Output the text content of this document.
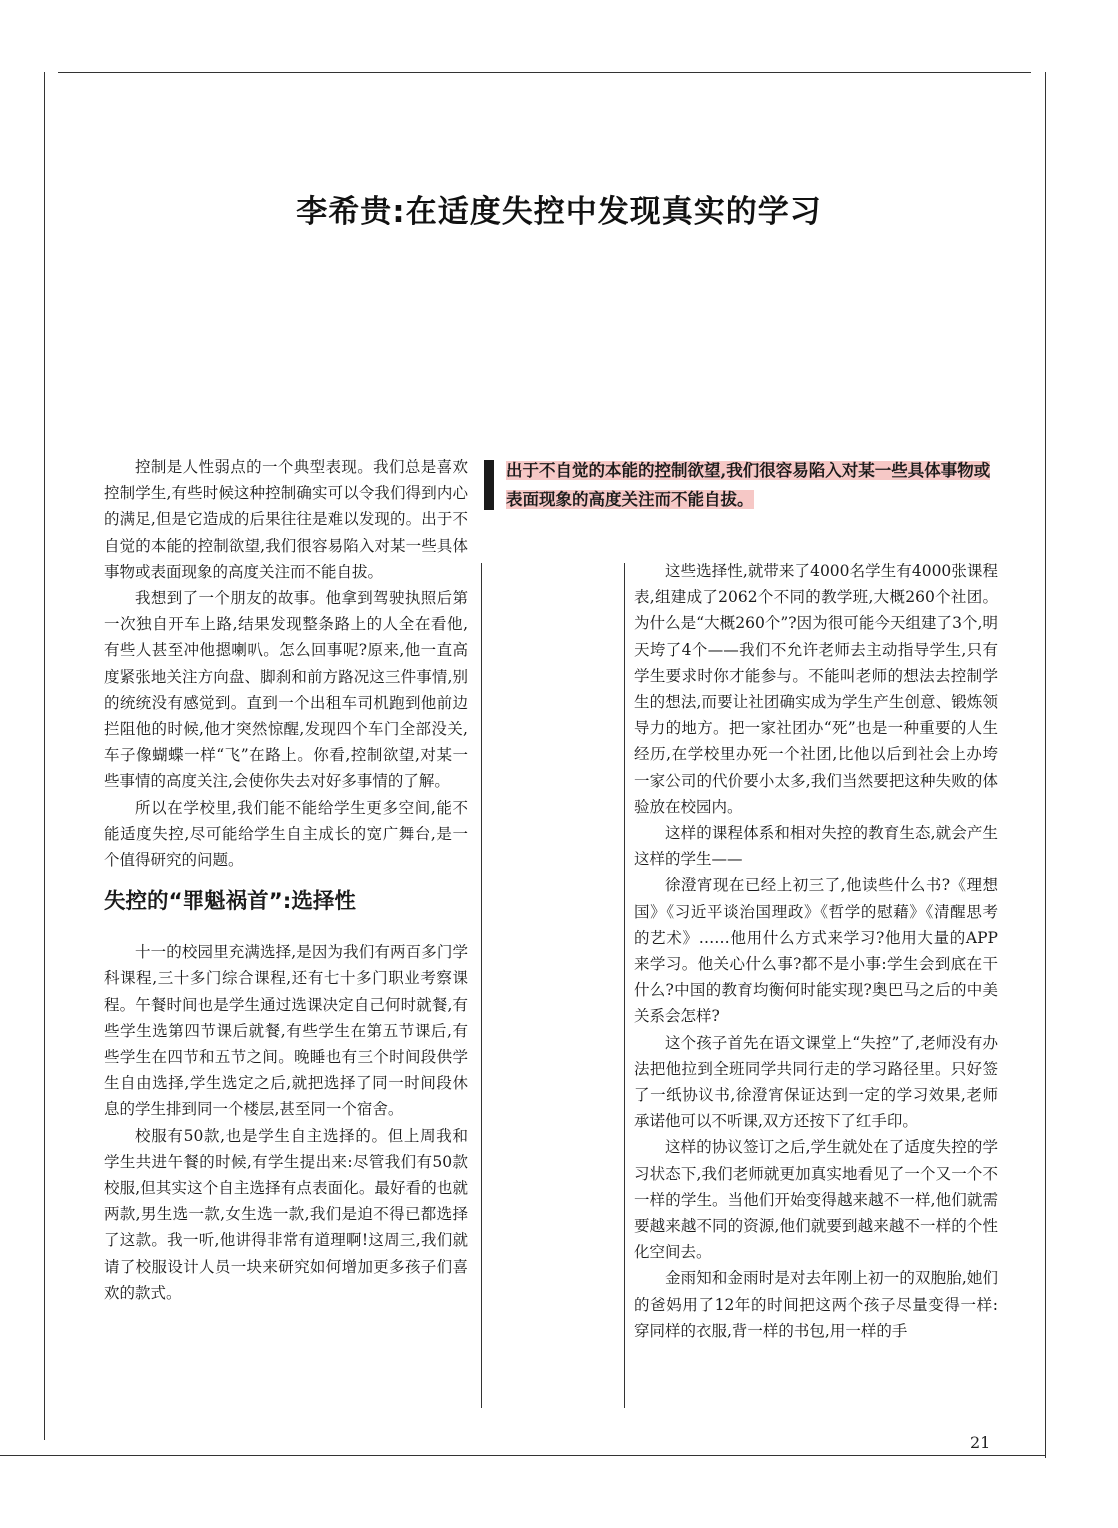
李希贵:在适度失控中发现真实的学习
出于不自觉的本能的控制欲望,我们很容易陷入对某一些具体事物或表面现象的高度关注而不能自拔。

控制是人性弱点的一个典型表现。我们总是喜欢控制学生,有些时候这种控制确实可以令我们得到内心的满足,但是它造成的后果往往是难以发现的。出于不自觉的本能的控制欲望,我们很容易陷入对某一些具体事物或表面现象的高度关注而不能自拔。

我想到了一个朋友的故事。他拿到驾驶执照后第一次独自开车上路,结果发现整条路上的人全在看他,有些人甚至冲他摁喇叭。怎么回事呢?原来,他一直高度紧张地关注方向盘、脚刹和前方路况这三件事情,别的统统没有感觉到。直到一个出租车司机跑到他前边拦阻他的时候,他才突然惊醒,发现四个车门全部没关,车子像蝴蝶一样“飞”在路上。你看,控制欲望,对某一些事情的高度关注,会使你失去对好多事情的了解。

所以在学校里,我们能不能给学生更多空间,能不能适度失控,尽可能给学生自主成长的宽广舞台,是一个值得研究的问题。

失控的“罪魁祸首”:选择性

十一的校园里充满选择,是因为我们有两百多门学科课程,三十多门综合课程,还有七十多门职业考察课程。午餐时间也是学生通过选课决定自己何时就餐,有些学生选第四节课后就餐,有些学生在第五节课后,有些学生在四节和五节之间。晚睡也有三个时间段供学生自由选择,学生选定之后,就把选择了同一时间段休息的学生排到同一个楼层,甚至同一个宿舍。

校服有50款,也是学生自主选择的。但上周我和学生共进午餐的时候,有学生提出来:尽管我们有50款校服,但其实这个自主选择有点表面化。最好看的也就两款,男生选一款,女生选一款,我们是迫不得已都选择了这款。我一听,他讲得非常有道理啊!这周三,我们就请了校服设计人员一块来研究如何增加更多孩子们喜欢的款式。

这些选择性,就带来了4000名学生有4000张课程表,组建成了2062个不同的教学班,大概260个社团。为什么是“大概260个”?因为很可能今天组建了3个,明天垮了4个——我们不允许老师去主动指导学生,只有学生要求时你才能参与。不能叫老师的想法去控制学生的想法,而要让社团确实成为学生产生创意、锻炼领导力的地方。把一家社团办“死”也是一种重要的人生经历,在学校里办死一个社团,比他以后到社会上办垮一家公司的代价要小太多,我们当然要把这种失败的体验放在校园内。

这样的课程体系和相对失控的教育生态,就会产生这样的学生——

徐澄宵现在已经上初三了,他读些什么书?《理想国》《习近平谈治国理政》《哲学的慰藉》《清醒思考的艺术》……他用什么方式来学习?他用大量的APP来学习。他关心什么事?都不是小事:学生会到底在干什么?中国的教育均衡何时能实现?奥巴马之后的中美关系会怎样?

这个孩子首先在语文课堂上“失控”了,老师没有办法把他拉到全班同学共同行走的学习路径里。只好签了一纸协议书,徐澄宵保证达到一定的学习效果,老师承诺他可以不听课,双方还按下了红手印。

这样的协议签订之后,学生就处在了适度失控的学习状态下,我们老师就更加真实地看见了一个又一个不一样的学生。当他们开始变得越来越不一样,他们就需要越来越不同的资源,他们就要到越来越不一样的个性化空间去。

金雨知和金雨时是对去年刚上初一的双胞胎,她们的爸妈用了12年的时间把这两个孩子尽量变得一样:穿同样的衣服,背一样的书包,用一样的手

21
